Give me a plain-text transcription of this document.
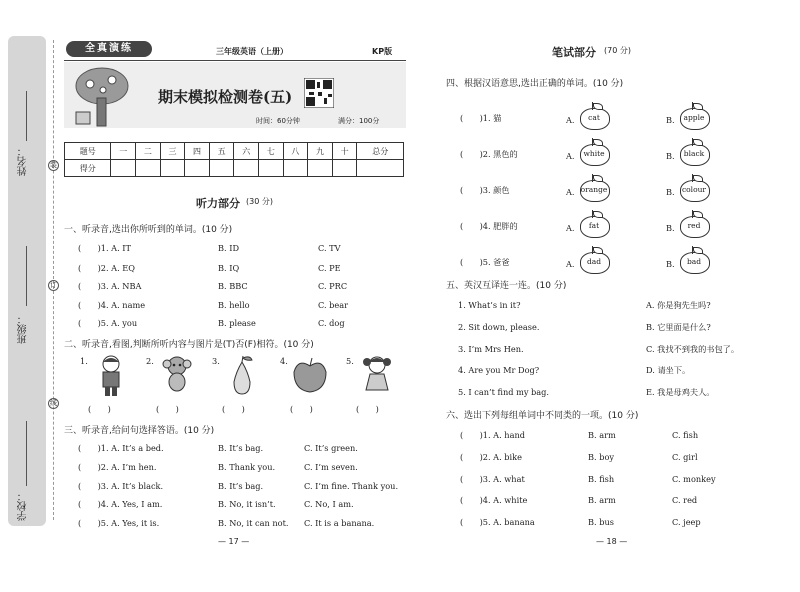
姓名：
班级：
学校：
装
订
线
全真演练	三年级英语（上册）	KP版
期末模拟检测卷(五)
时间：60分钟	满分：100分
题号	一	二	三	四	五	六	七	八	九	十	总分
得分											
听力部分 (30 分)
一、听录音,选出你所听到的单词。(10 分)
(　　)1. A. IT	B. ID	C. TV
(　　)2. A. EQ	B. IQ	C. PE
(　　)3. A. NBA	B. BBC	C. PRC
(　　)4. A. name	B. hello	C. bear
(　　)5. A. you	B. please	C. dog
二、听录音,看图,判断所听内容与图片是(T)否(F)相符。(10 分)
1.	2.	3.	4.	5.
(　　)	(　　)	(　　)	(　　)	(　　)
三、听录音,给问句选择答语。(10 分)
(　　)1. A. It’s a bed.	B. It’s bag.	C. It’s green.
(　　)2. A. I’m hen.	B. Thank you.	C. I’m seven.
(　　)3. A. It’s black.	B. It’s bag.	C. I’m fine. Thank you.
(　　)4. A. Yes, I am.	B. No, it isn’t.	C. No, I am.
(　　)5. A. Yes, it is.	B. No, it can not. C. It is a banana.
— 17 —
笔试部分 (70 分)
四、根据汉语意思,选出正确的单词。(10 分)
(　　)1. 猫	A.	cat	B.	apple
(　　)2. 黑色的	A.	white	B.	black
(　　)3. 颜色	A. orange	B. colour
(　　)4. 肥胖的	A.	fat	B.	red
(　　)5. 爸爸	A.	dad	B.	bad
五、英汉互译连一连。(10 分)
1. What’s in it?	A. 你是狗先生吗?
2. Sit down, please.	B. 它里面是什么?
3. I’m Mrs Hen.	C. 我找不到我的书包了。
4. Are you Mr Dog?	D. 请坐下。
5. I can’t find my bag.	E. 我是母鸡夫人。
六、选出下列每组单词中不同类的一项。(10 分)
(　　)1. A. hand	B. arm	C. fish
(　　)2. A. bike	B. boy	C. girl
(　　)3. A. what	B. fish	C. monkey
(　　)4. A. white	B. arm	C. red
(　　)5. A. banana	B. bus	C. jeep
— 18 —
